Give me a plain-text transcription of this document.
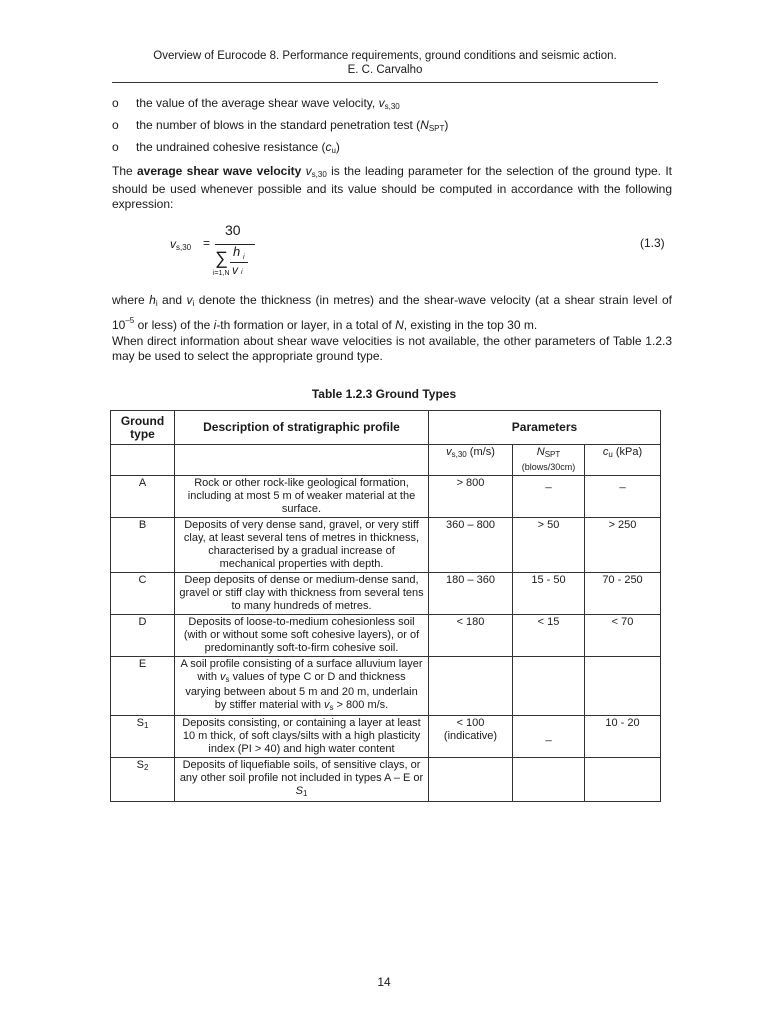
Overview of Eurocode 8. Performance requirements, ground conditions and seismic action.
E. C. Carvalho
o	the value of the average shear wave velocity, $v_{s,30}$
o	the number of blows in the standard penetration test $(N_{SPT})$
o	the undrained cohesive resistance $(c_u)$
The average shear wave velocity $v_{s,30}$ is the leading parameter for the selection of the ground type. It should be used whenever possible and its value should be computed in accordance with the following expression:
vs,30 =
30
∑ h i
v i
i=1,N
(1.3)
where $h_i$ and $v_i$ denote the thickness (in metres) and the shear-wave velocity (at a shear strain level of $10^{-5}$ or less) of the i-th formation or layer, in a total of N, existing in the top 30 m.
When direct information about shear wave velocities is not available, the other parameters of Table 1.2.3 may be used to select the appropriate ground type.
Table 1.2.3 Ground Types
Ground type	Description of stratigraphic profile	Parameters		
		$v_{s,30}$ (m/s)	$N_{SPT}$
(blows/30cm)	$c_u$ (kPa)
A	Rock or other rock-like geological formation, including at most 5 m of weaker material at the surface.	> 800	_	_
B	Deposits of very dense sand, gravel, or very stiff clay, at least several tens of metres in thickness, characterised by a gradual increase of mechanical properties with depth.	360 – 800	> 50	> 250
C	Deep deposits of dense or medium-dense sand, gravel or stiff clay with thickness from several tens to many hundreds of metres.	180 – 360	15 - 50	70 - 250
D	Deposits of loose-to-medium cohesionless soil (with or without some soft cohesive layers), or of predominantly soft-to-firm cohesive soil.	< 180	< 15	< 70
E	A soil profile consisting of a surface alluvium layer with $v_s$ values of type C or D and thickness varying between about 5 m and 20 m, underlain by stiffer material with $v_s > 800$ m/s.			
$S_1$	Deposits consisting, or containing a layer at least 10 m thick, of soft clays/silts with a high plasticity index (PI > 40) and high water content	< 100 (indicative)	_	10 - 20
$S_2$	Deposits of liquefiable soils, of sensitive clays, or any other soil profile not included in types A – E or $S_1$			
14
